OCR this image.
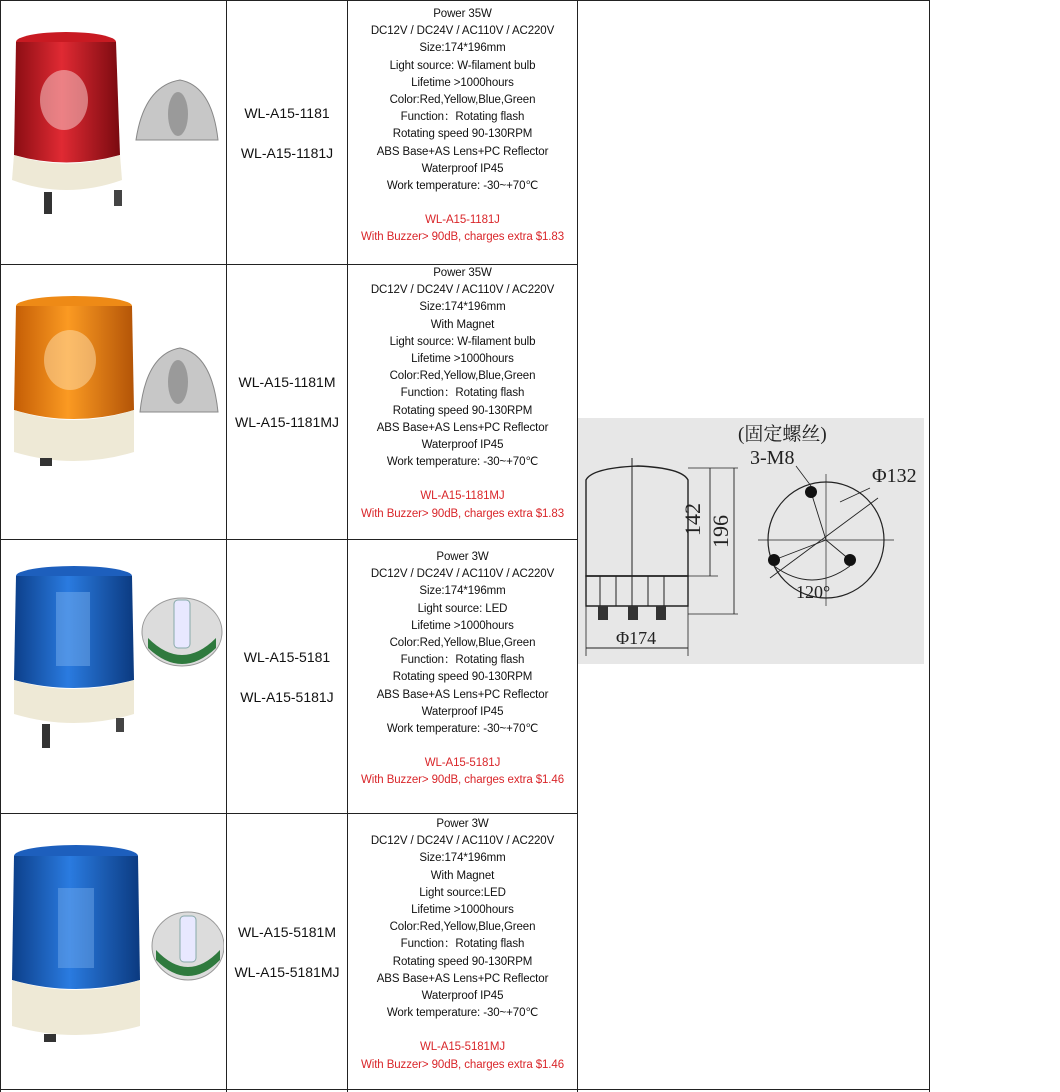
WL-A15-1181
WL-A15-1181J
Power 35W
DC12V / DC24V / AC110V / AC220V
Size:174*196mm
Light source: W-filament bulb
Lifetime >1000hours
Color:Red,Yellow,Blue,Green
Function：Rotating flash
Rotating speed 90-130RPM
ABS Base+AS Lens+PC Reflector
Waterproof IP45
Work temperature: -30~+70℃
WL-A15-1181J
With Buzzer> 90dB, charges extra $1.83
WL-A15-1181M
WL-A15-1181MJ
Power 35W
DC12V / DC24V / AC110V / AC220V
Size:174*196mm
With Magnet
Light source: W-filament bulb
Lifetime >1000hours
Color:Red,Yellow,Blue,Green
Function：Rotating flash
Rotating speed 90-130RPM
ABS Base+AS Lens+PC Reflector
Waterproof IP45
Work temperature: -30~+70℃
WL-A15-1181MJ
With Buzzer> 90dB, charges extra $1.83
WL-A15-5181
WL-A15-5181J
Power 3W
DC12V / DC24V / AC110V / AC220V
Size:174*196mm
Light source: LED
Lifetime >1000hours
Color:Red,Yellow,Blue,Green
Function：Rotating flash
Rotating speed 90-130RPM
ABS Base+AS Lens+PC Reflector
Waterproof IP45
Work temperature: -30~+70℃
WL-A15-5181J
With Buzzer> 90dB, charges extra $1.46
WL-A15-5181M
WL-A15-5181MJ
Power 3W
DC12V / DC24V / AC110V / AC220V
Size:174*196mm
With Magnet
Light source:LED
Lifetime >1000hours
Color:Red,Yellow,Blue,Green
Function：Rotating flash
Rotating speed 90-130RPM
ABS Base+AS Lens+PC Reflector
Waterproof IP45
Work temperature: -30~+70℃
WL-A15-5181MJ
With Buzzer> 90dB, charges extra $1.46
142 196
Φ174
(固定螺丝)
3-M8
Φ132
120°
